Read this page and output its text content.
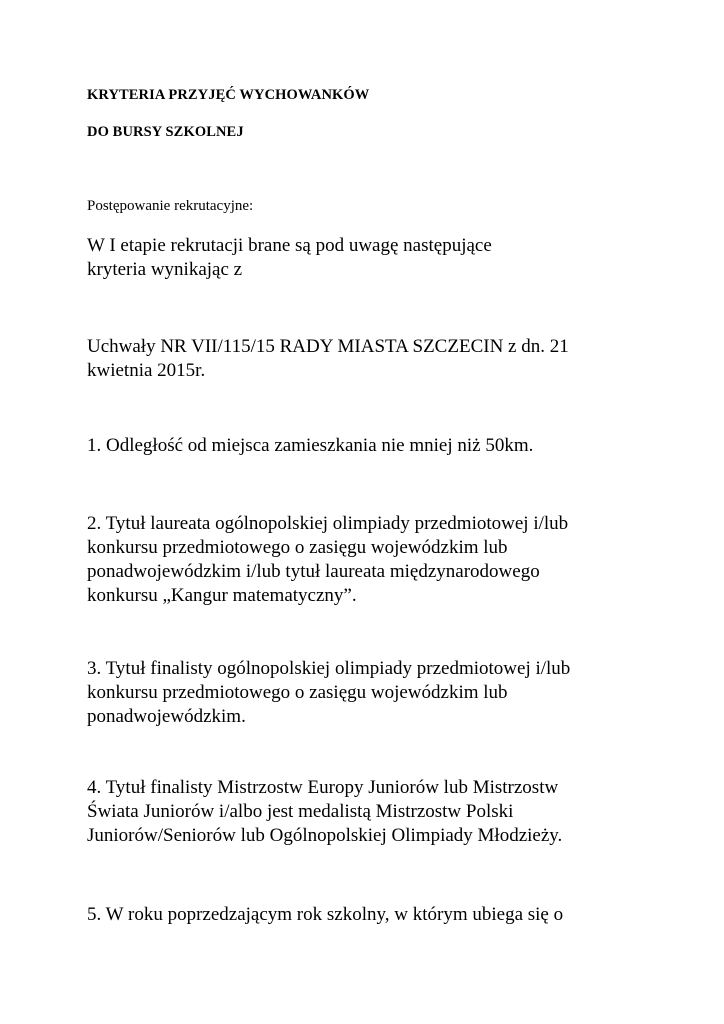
KRYTERIA PRZYJĘĆ WYCHOWANKÓW
DO BURSY SZKOLNEJ
Postępowanie rekrutacyjne:
W I etapie rekrutacji brane są pod uwagę następujące
kryteria wynikając z
Uchwały NR VII/115/15 RADY MIASTA SZCZECIN z dn. 21
kwietnia 2015r.
1. Odległość od miejsca zamieszkania nie mniej niż 50km.
2. Tytuł laureata ogólnopolskiej olimpiady przedmiotowej i/lub
konkursu przedmiotowego o zasięgu wojewódzkim lub
ponadwojewódzkim i/lub tytuł laureata międzynarodowego
konkursu „Kangur matematyczny”.
3. Tytuł finalisty ogólnopolskiej olimpiady przedmiotowej i/lub
konkursu przedmiotowego o zasięgu wojewódzkim lub
ponadwojewódzkim.
4. Tytuł finalisty Mistrzostw Europy Juniorów lub Mistrzostw
Świata Juniorów i/albo jest medalistą Mistrzostw Polski
Juniorów/Seniorów lub Ogólnopolskiej Olimpiady Młodzieży.
5. W roku poprzedzającym rok szkolny, w którym ubiega się o
